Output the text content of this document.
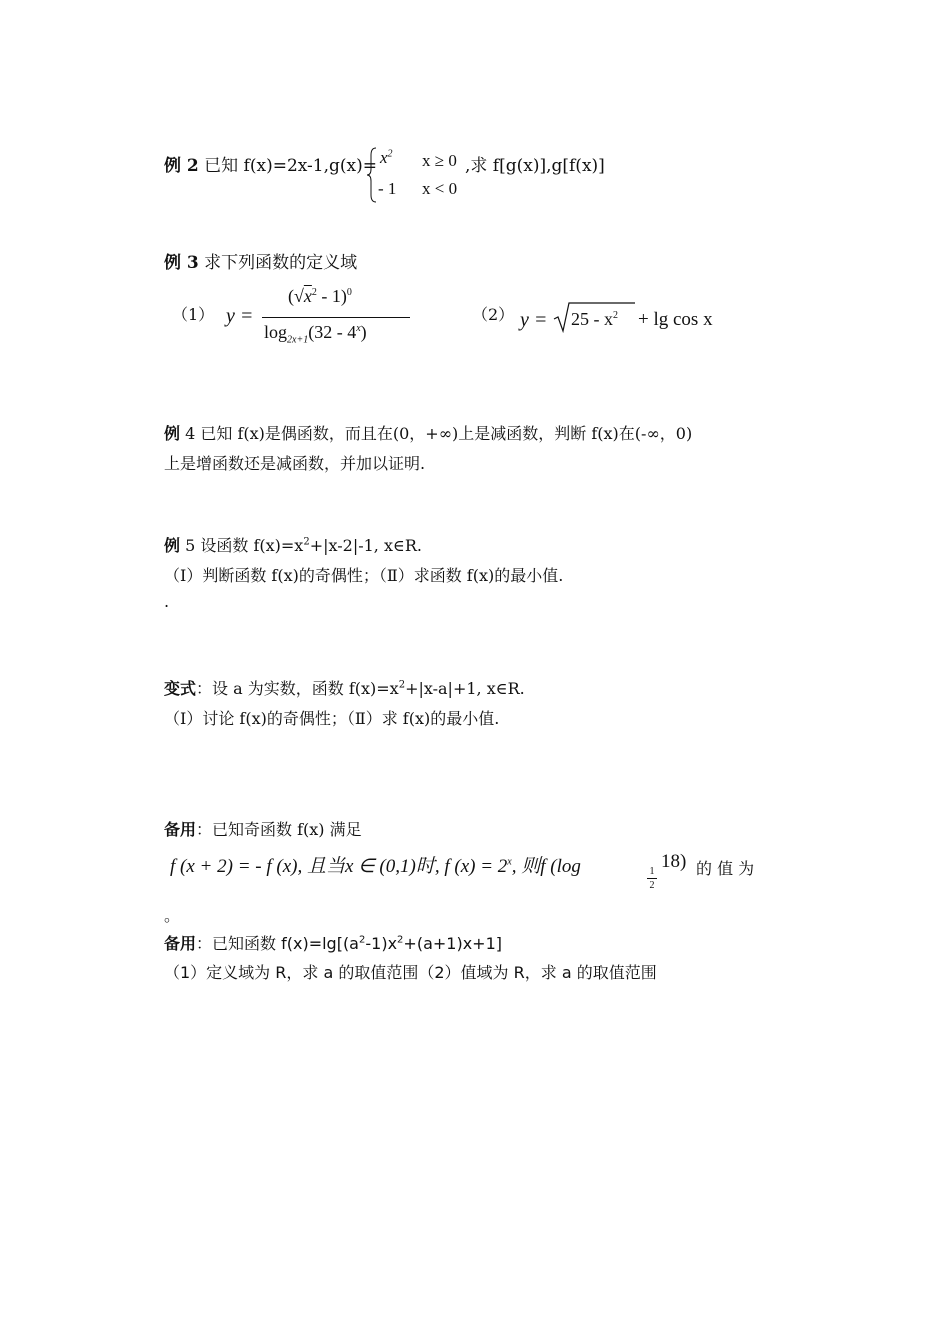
例 2 已知 $f(x)=2x-1,g(x)= x^2$ x ≥ 0 ,求 f[g(x)],g[f(x)]
- 1 x < 0
例 3 求下列函数的定义域
（1） y =
$(√x^2 - 1)^0$
$\log_{2x+1}(32 - 4^x)$
（2） $y = 25 - x^2 + \lg \cos x$
例 4 已知 f(x)是偶函数，而且在(0，+∞)上是减函数，判断 f(x)在(-∞，0)
上是增函数还是减函数，并加以证明.
例 5 设函数 $f(x)=x^2+|x-2|-1$, x∈R.
（Ⅰ）判断函数 f(x)的奇偶性；（Ⅱ）求函数 f(x)的最小值.
.
变式：设 a 为实数，函数 $f(x)=x^2+|x-a|+1$, x∈R.
（Ⅰ）讨论 f(x)的奇偶性；（Ⅱ）求 f(x)的最小值.
备用：已知奇函数 f(x) 满足
f (x + 2) = - f (x), 且当x ∈ (0,1)时, f $(x) = 2^x$, 则f (log	1
2
18) 的 值 为
。
备用：已知函数 $f(x)=\lg[(a^2-1)x^2+(a+1)x+1]$
（1）定义域为 R，求 a 的取值范围（2）值域为 R，求 a 的取值范围
